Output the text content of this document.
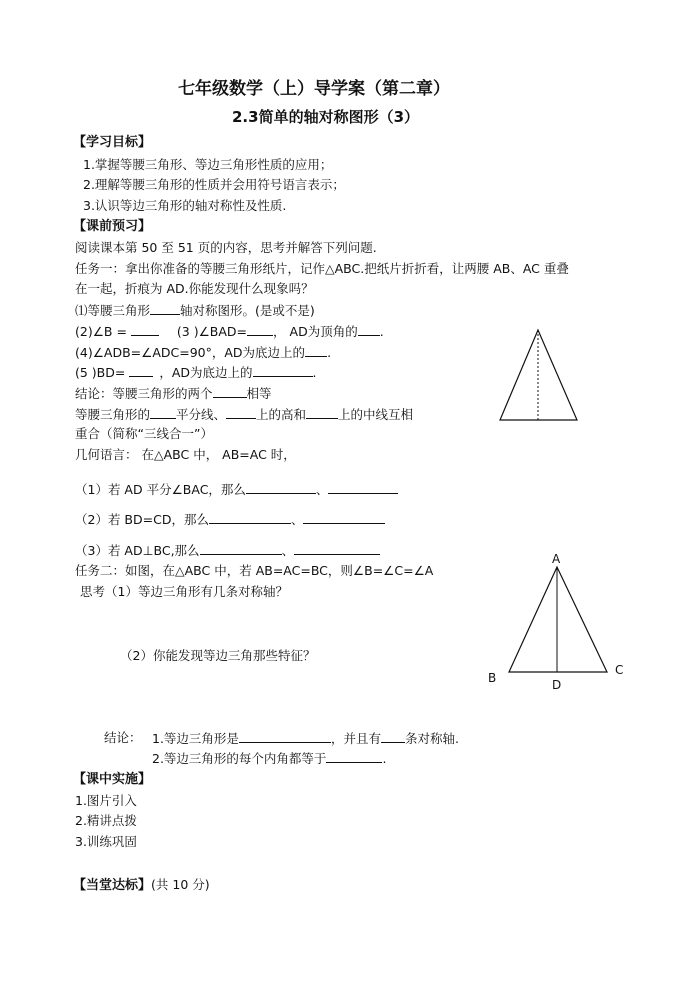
七年级数学（上）导学案（第二章）
2.3简单的轴对称图形（3）
【学习目标】
1.掌握等腰三角形、等边三角形性质的应用；
2.理解等腰三角形的性质并会用符号语言表示；
3.认识等边三角形的轴对称性及性质.
【课前预习】
阅读课本第 50 至 51 页的内容，思考并解答下列问题.
任务一：拿出你准备的等腰三角形纸片，记作△ABC.把纸片折折看，让两腰 AB、AC 重叠
在一起，折痕为 AD.你能发现什么现象吗？
⑴等腰三角形 轴对称图形。(是或不是)
(2)∠B =	(3 )∠BAD= ， AD为顶角的 .
(4)∠ADB=∠ADC=90°，AD为底边上的 .
(5 )BD= ，AD为底边上的	.
结论：等腰三角形的两个	相等
等腰三角形的 平分线、 上的高和	上的中线互相
重合（简称“三线合一”）
几何语言： 在△ABC 中， AB=AC 时，
（1）若 AD 平分∠BAC，那么	、
（2）若 BD=CD，那么	、
（3）若 AD⊥BC,那么	、
任务二：如图，在△ABC 中，若 AB=AC=BC，则∠B=∠C=∠A
思考（1）等边三角形有几条对称轴？
（2）你能发现等边三角那些特征？
结论： 1.等边三角形是	，并且有 条对称轴.
2.等边三角形的每个内角都等于	.
【课中实施】
1.图片引入
2.精讲点拨
3.训练巩固
【当堂达标】(共 10 分)
A
B
C
D
